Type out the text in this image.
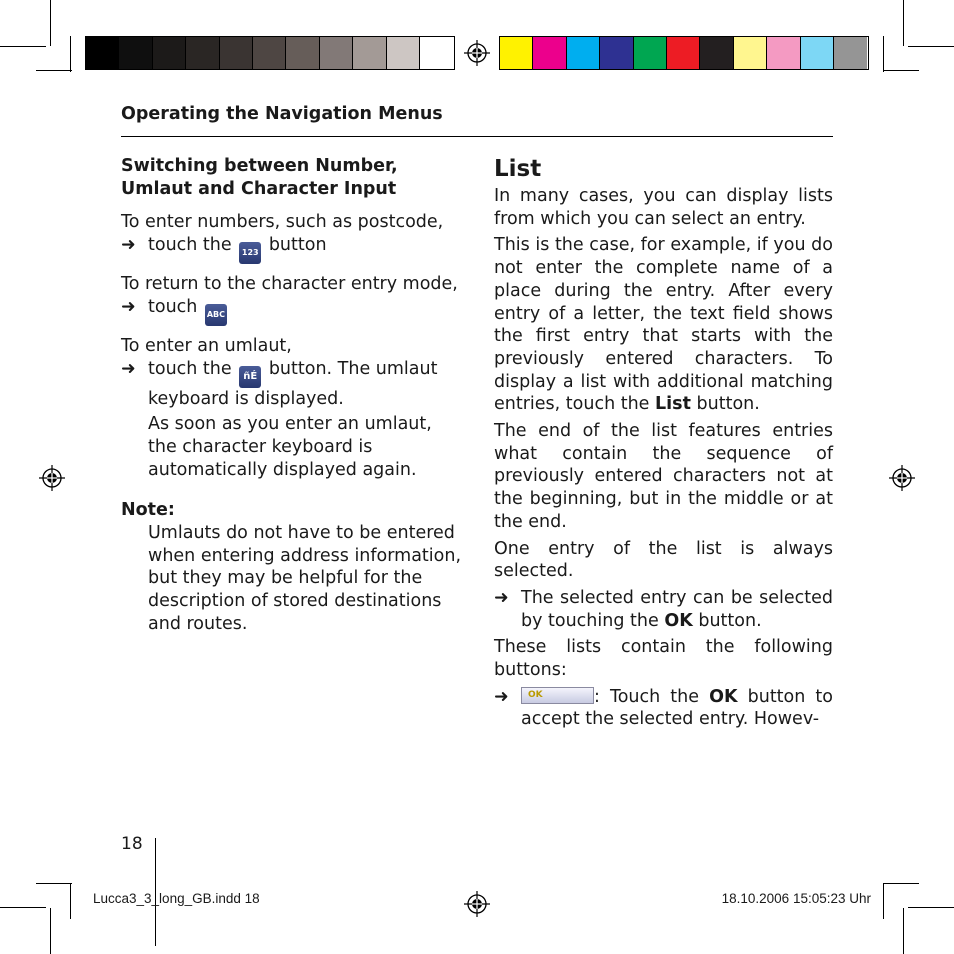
Operating the Navigation Menus

Switching between Number, Umlaut and Character Input

To enter numbers, such as postcode,

➜ touch the 123 button

To return to the character entry mode,

➜ touch ABC

To enter an umlaut,

➜ touch the ñÉ button. The umlaut keyboard is displayed.

As soon as you enter an umlaut, the character keyboard is automatically displayed again.

Note:

Umlauts do not have to be entered when entering address information, but they may be helpful for the description of stored destinations and routes.

List

In many cases, you can display lists from which you can select an entry.

This is the case, for example, if you do not enter the complete name of a place during the entry. After every entry of a letter, the text field shows the first entry that starts with the previously entered characters. To display a list with additional matching entries, touch the List button.

The end of the list features entries what contain the sequence of previously entered characters not at the beginning, but in the middle or at the end.

One entry of the list is always selected.

➜ The selected entry can be selected by touching the OK button.

These lists contain the following buttons:

➜ OK	: Touch the OK button to accept the selected entry. Howev-
18
Lucca3_3_long_GB.indd 18	18.10.2006 15:05:23 Uhr
